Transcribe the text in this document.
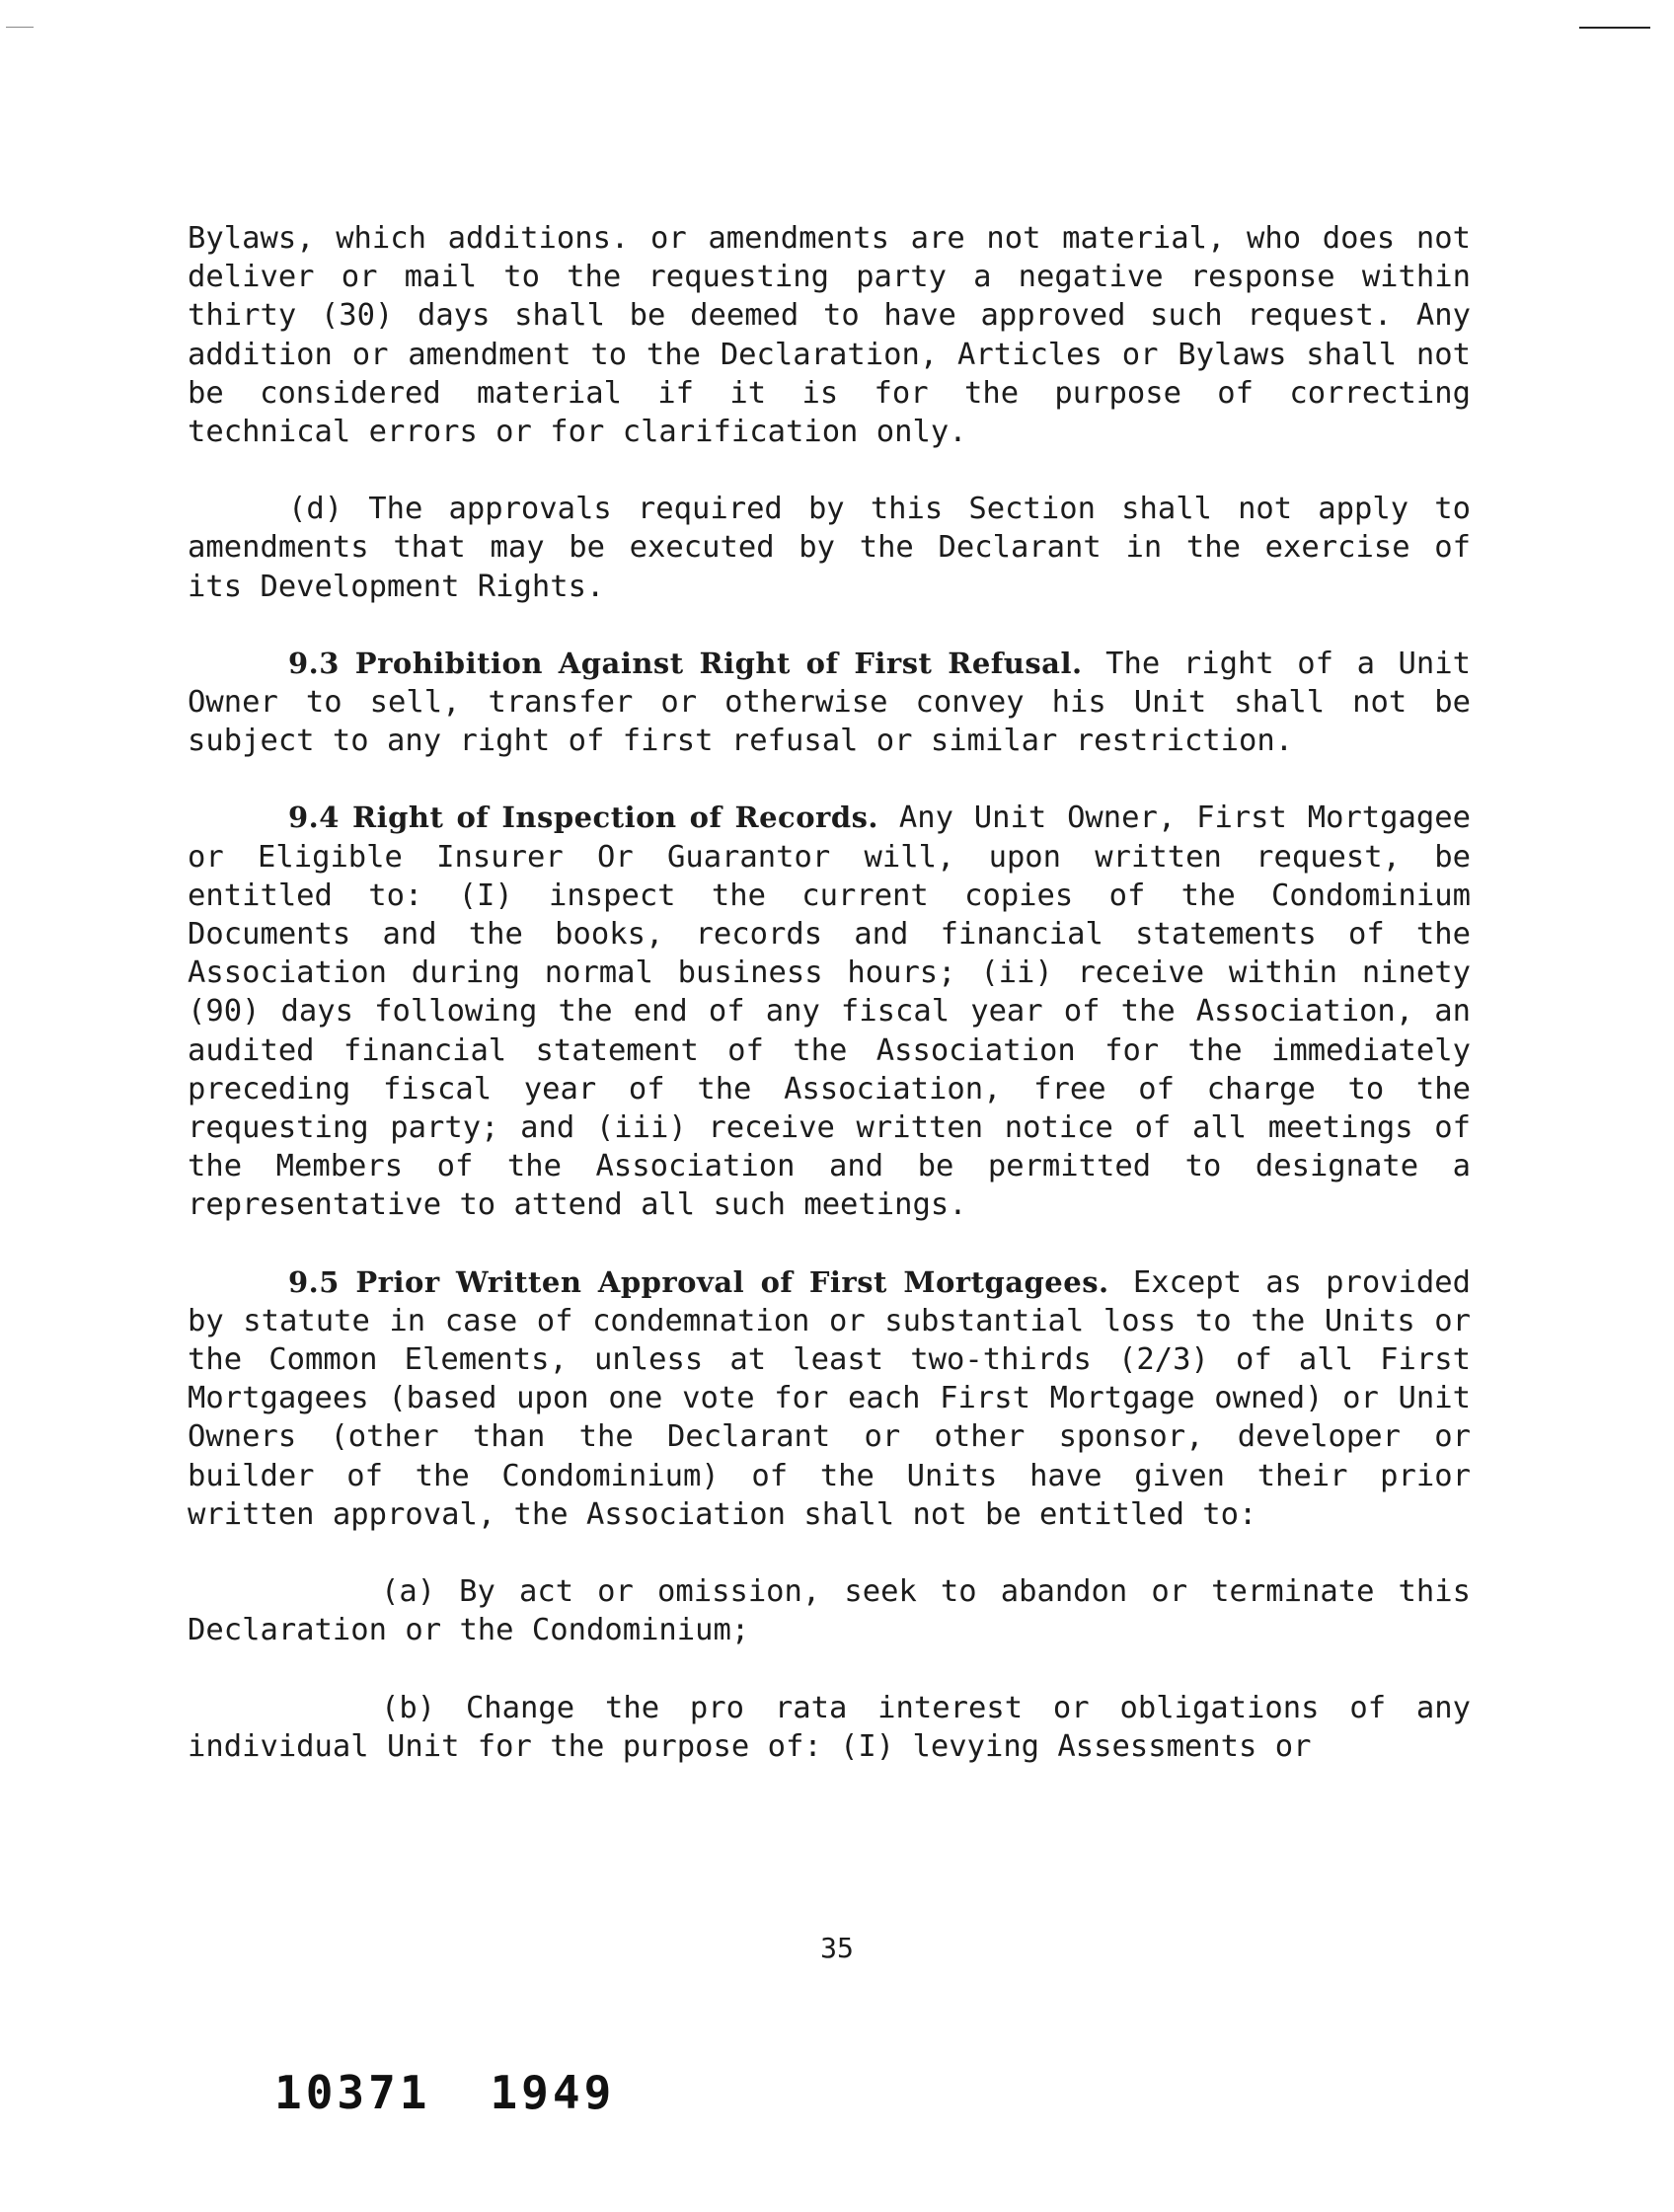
Bylaws, which additions. or amendments are not material, who does not deliver or mail to the requesting party a negative response within thirty (30) days shall be deemed to have approved such request. Any addition or amendment to the Declaration, Articles or Bylaws shall not be considered material if it is for the purpose of correcting technical errors or for clarification only.

(d) The approvals required by this Section shall not apply to amendments that may be executed by the Declarant in the exercise of its Development Rights.

9.3 Prohibition Against Right of First Refusal. The right of a Unit Owner to sell, transfer or otherwise convey his Unit shall not be subject to any right of first refusal or similar restriction.

9.4 Right of Inspection of Records. Any Unit Owner, First Mortgagee or Eligible Insurer Or Guarantor will, upon written request, be entitled to: (I) inspect the current copies of the Condominium Documents and the books, records and financial statements of the Association during normal business hours; (ii) receive within ninety (90) days following the end of any fiscal year of the Association, an audited financial statement of the Association for the immediately preceding fiscal year of the Association, free of charge to the requesting party; and (iii) receive written notice of all meetings of the Members of the Association and be permitted to designate a representative to attend all such meetings.

9.5 Prior Written Approval of First Mortgagees. Except as provided by statute in case of condemnation or substantial loss to the Units or the Common Elements, unless at least two-thirds (2/3) of all First Mortgagees (based upon one vote for each First Mortgage owned) or Unit Owners (other than the Declarant or other sponsor, developer or builder of the Condominium) of the Units have given their prior written approval, the Association shall not be entitled to:

(a) By act or omission, seek to abandon or terminate this Declaration or the Condominium;

(b) Change the pro rata interest or obligations of any individual Unit for the purpose of: (I) levying Assessments or

35
10371 1949
